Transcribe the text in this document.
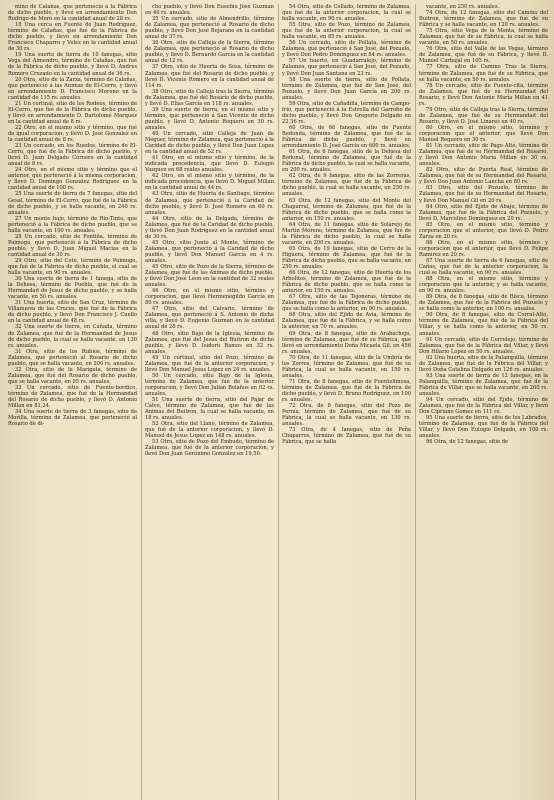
mino de Calañas, que perteneció á la Fábrica de dicho pueblo, y llevó en arrendamiento Don Rodrigo de Moro en la cantidad anual de 28 rs.

18 Una cerca en Fuente de Juan Rodriguez, término de Calañas, que fué de la Fábrica de dicho pueblo, y llevó en arrendamiento Don Francisco Chaparro y Velez en la cantidad anual de 30 rs.

19 Una suerte de tierra de 10 fanegas, sitio Vega del Almendro, término de Calañas, que fué de la Fábrica de dicho pueblo, y llevó D. Andres Romero Cruzado en la cantidad anual de 36 rs.

20 Otra, sitio de la Zarza, término de Calañas, que perteneció á las Animas de El-Cerro, y llevó en arrendamiento D. Francisco Moreno en la cantidad de 115 rs. anuales.

21 Un cortinal, sitio de los Rodeos, término de El-Cerro, que fué de la Fábrica de dicho pueblo, y llevó en arrendamiento D. Bartolomé Marquez en la cantidad anual de 8 rs.

22 Otro, en el mismo sitio y término, que fué de igual corporacion, y llevó D. José Gonzalez en la cantidad anual de 8 rs.

23 Un cercado, en los Ruedos, término de El-Cerro, que fué de la Fábrica de dicho pueblo, y llevó D. Juan Delgado Cornero en la cantidad anual de 8 rs.

24 Otro, en el mismo sitio y término que el anterior, que perteneció á la misma corporacion, y llevó D. Domingo Gonzalez Rodriguez en la cantidad anual de 100 rs.

25 Una suerte de tierra de 7 fanegas, sitio del Gesal, término de El-Cerro, que fué de la Fábrica de dicho pueblo, y se halla vacante, en 240 rs. anuales.

27 Un monte bajo, término de Rio-Tinto, que perteneció á la Fábrica de dicho pueblo, que se halla vacante, en 100 rs. anuales.

28 Un cercado, sitio de Fontiña, término de Paimogo, que perteneció á la Fábrica de dicho pueblo, y llevó D. Juan Miguel Macias en la cantidad anual de 30 rs.

29 Otro, sitio del Coto, término de Paimogo, que fué de la Fábrica de dicho pueblo, el cual se halla vacante, en 90 rs. anuales.

30 Una suerte de tierra de 1 fanega, sitio de la Dehesa, término de Puebla, que fué de la Hermandad de Jesus de dicho pueblo, y se halla vacante, en 50 rs. anuales.

31 Una huerta, sitio de San Cruz, término de Villanueva de las Cruces, que fué de la Fábrica de dicho pueblo, y llevó Don Francisco J. Cuello en la cantidad anual de 48 rs.

32 Una suerte de tierra, en Cañada, término de Zalamea, que fué de la Hermandad de Jesus de dicho pueblo, la cual se halla vacante, en 130 rs. anuales.

31 Otra, sitio de los Rubios, término de Zalamea, que perteneció al Rosario de dicho pueblo, que se halla vacante, en 200 rs. anuales.

32 Otra, sitio de la Marigata, término de Zalamea, que fué del Rosario de dicho pueblo, que se halla vacante, en 95 rs. anuales.

33 Un cercado, sitio de Fuente-bordico, término de Zalamea, que fué de la Hermandad del Rosario de dicho pueblo, y llevó D. Antonio Millan en 81,24.

34 Una suerte de tierra de 3 fanegas, sitio de Morilla, término de Zalamea, que perteneció al Rosario de di-

cho pueblo, y llevó Don Eusebio José Guzman en 40 rs. anuales.

35 Un cercado, sitio de Almendrillo, término de Zalamea, que perteneció al Rosario de dicho pueblo, y llevó Don José Bejarano en la cantidad anual de 37 rs.

36 Otro, sitio de Calleja de la Sierra, término de Zalamea, que perteneció al Rosario de dicho pueblo, y llevó D. Bernardo García en la cantidad anual de 12 rs.

37 Otro, sitio de Huerta de Sosa, término de Zalamea, que fué del Rosario de dicho pueblo, y llevó D. Vicente Romero en la cantidad anual de 114 rs.

38 Otro, sitio de Calleja tras la Sierra, término de Zalamea, que fué del Rosario de dicho pueblo, y llevó D. Elias García en 118 rs. anuales.

39 Una suerte de tierra, en el mismo sitio y término, que perteneció á San Vicente de dicho pueblo, y llevó D. Antonio Requero en 30 rs. anuales.

40 Un cercado, sitio Calleja de Juan de Meguer, término de Zalamea, que perteneció á la Caridad de dicho pueblo, y llevó Don Juan Lopez en la cantidad anual de 52 rs.

41 Otro, en el mismo sitio y término, de la indicada procedencia, que llevó D. Eulogio Vazquez en 68 reales anuales.

42 Otro, en el mismo sitio y término, de la indicada procedencia, que llevó D. Miguel Millan en la cantidad anual de 44 rs.

43 Otro, sitio de Huerta de Santiago, término de Zalamea, que perteneció á la Caridad de dicho pueblo, y llevó D. José Romero en 60 rs. anuales.

44 Otro, sitio de la Delgada, término de Zalamea, que fué de la Caridad de dicho pueblo, y llevó Don Juan Rodriguez en la cantidad anual de 30 rs.

45 Otro, sitio Junto al Monte, término de Zalamea, que perteneció á la Caridad de dicho pueblo, y llevó Don Manuel García en 4 rs. anuales.

45 Otro, sitio de Pozo de la Sierra, término de Zalamea, que fué de las Animas de dicho pueblo, y llevó Don José Leon en la cantidad de 32 reales anuales.

46 Otro, en el mismo sitio, término y corporacion, que llevó Hermenegildo García en 80 rs. anuales.

47 Otro, sitio del Calvario, término de Zalamea, que perteneció á S. Antonio de dicha villa, y llevó D. Eugenio Guzman en la cantidad anual de 28 rs.

48 Otro, sitio Bajo de la Iglesia, término de Zalamea, que fué del Jesus del Buitron de dicho pueblo, y llevó D. Isidoro Ramos en 32 rs. anuales.

49 Un cortinal, sitio del Pozo, término de Zalamea, que fué de la anterior corporacion, y llevó Don Manuel Jesus Lopez en 24 rs. anuales.

50 Un cercado, sitio Bajo de la Iglesia, término de Zalamea, que fué de la anterior corporacion, y llevó Don Julian Bolaños en 62 rs. anuales.

51 Una suerte de tierra, sitio del Pajar de Calvo, término de Zalamea, que fué de las Animas del Buitron, la cual se halla vacante, en 18 rs. anuales.

52 Otra, sitio del Llano, término de Zalamea, que fué de la anterior corporacion, y llevó D. Manuel de Jesus Lopez en 148 rs. anuales.

53 Otro, sitio de Pozo del Embudo, término de Zalamea, que fué de la anterior corporacion, y llevó Don Juan Gerónimo Gonzalez en 19,50.

54 Otra, sitio de Collado, término de Zalamea, que fué de la anterior corporacion, la cual se halla vacante, en 90 rs. anuales.

55 Otra, sitio de Pozo, término de Zalamea, que fué de la anterior corporacion, la cual se halla vacante, en 85 rs. anuales.

56 Un cercado, sitio de Pollata, término de Zalamea, que perteneció á San José, del Pozuelo, y llevó Don Pedro Dominguez en 84 rs. anuales.

57 Un huerto, en Guadarralejo, término de Zalamea, que perteneció á San José, del Pozuelo, y llevó Don Juan Santana en 23 rs.

58 Una suerte de tierra, sitio de Pollata, término de Zalamea, que fué de San José, del Pozuelo, y llevó Don Juan García en 200 rs. anuales.

59 Otra, sitio de Cañadilla, término de Campo-frio, que perteneció á la Estrella del Garrobo de dicho pueblo, y llevó Don Gregorio Delgado en 22,36 rs.

60 Otra, de 60 fanegas, sitio de Fuente Redonda, término de Zalamea, que fué de la Fábrica de dicho pueblo, y llevó en arrendamiento D. José García en 600 rs. anuales.

61 Otra, de 6 fanegas, sitio de la Dehesa del Bodonal, término de Zalamea, que fué de la Fábrica de dicho pueblo, la cual se halla vacante, en 200 rs. anuales.

62 Otra, de 9 fanegas, sitio de las Zorreras, término de Zalamea, que fué de la Fábrica de dicho pueblo, la cual se halla vacante, en 250 rs. anuales.

63 Otra, de 12 fanegas, sitio del Monte del Chaparral, término de Zalamea, que fué de la Fábrica de dicho pueblo, que se halla como la anterior, en 150 rs. anuales.

64 Otra, de 11 fanegas, sitio de Solarejo de Martin Moreno, término de Zalamea, que fué de la Fábrica de dicho pueblo, la cual se halla vacante, en 200 rs. anuales.

65 Otra, de 19 fanegas, sitio de Cerro de la Higuera, término de Zalamea, que fué de la Fábrica de dicho pueblo, que se halla vacante, en 250 rs. anuales.

66 Otra, de 12 fanegas, sitio de Huerta de los Arbolitos, término de Zalamea, que fué de la Fábrica de dicho pueblo, que se halla como la anterior, en 150 rs. anuales.

67 Otra, sitio de las Tejoneras, término de Zalamea, que fué de la Fábrica de dicho pueblo, que se halla como la anterior, en 90 rs. anuales.

68 Otra, sitio del Ejido de Avia, término de Zalamea, que fué de la Fábrica, y se halla como la anterior, en 70 rs. anuales.

69 Otra, de 8 fanegas, sitio de Arabachejo, término de Zalamea, que fué de su Fábrica, que llevó en arrendamiento Doña Micaela Gil, en 456 rs. anuales.

70 Otra, de 11 fanegas, sitio de la Umbría de los Zorros, término de Zalamea, que fué de su Fábrica, la cual se halla vacante, en 150 rs. anuales.

71 Otra, de 8 fanegas, sitio de Fuentelimosa, término de Zalamea, que fué de la Fábrica de dicho pueblo, y llevó D. Bruno Rodriguez, en 100 rs. anuales.

72 Otra, de 8 fanegas, sitio del Pozo de Pernía, término de Zalamea, que fué de su Fábrica, la cual se halla vacante, en 130 rs. anuales.

73 Otra, de 4 fanegas, sitio de Peña Chaparros, término de Zalamea, que fué de su Fábrica, que se halla

vacante, en 250 rs. anuales.

74 Otra, de 12 fanegas, sitio del Camino del Buitron, término de Zalamea, que fué de su Fábrica y se halla vacante, en 120 rs. anuales.

75 Otra, sitio Vega de la Monta, término de Zalamea, que fué de su Fábrica, la cual se halla vacante, en 50 rs. anuales.

76 Otra, sitio del Valle de las Vegas, término de Zalamea, que fué de su Fábrica, y llevó D. Manuel Carbajal en 105 rs.

77 Otra, sitio de Camino Tras la Sierra, término de Zalamea, que fué de su Fábrica, que se halla vacante, en 50 rs. anuales.

78 Un cercado, sitio de Fuente-cita, término de Zalamea, que fué de su Hermandad del Rosario, y llevó Don Antonio María Millan en 41 rs.

79 Otro, sitio de Calleja tras la Sierra, término de Zalamea, que fué de su Hermandad del Rosario, y llevó D. José Linares en 40 rs.

80 Otro, en el mismo sitio, término y corporacion que el anterior, que llevó Don Manuel Requero en 30 rs.

81 Un cercado, sitio de Pago Alto, término de Zalamea, que fué de su Hermandad del Rosario, y llevó Don Antonio María Millan en 30 rs. anuales.

82 Otro, sitio de Puerta Real, término de Zalamea, que fué de su Hermandad del Rosario, y llevó Don Juan Antonio Lancha en 80 rs.

83 Otro, sitio del Pozuelo, término de Zalamea, que fué de su Hermandad del Rosario, y llevó Don Manuel Gil en 20 rs.

84 Otro, sitio del Ejido de Abajo, término de Zalamea, que fué de la Fábrica del Pozuelo, y llevó D. Marcelino Dominguez en 20 rs.

85 Otro, en el mismo sitio, término y corporacion que el anterior, que llevó D. Pedro Zarza en 20 rs.

86 Otro, en el mismo sitio, término y corporacion que el anterior, que llevó D. Felipe Ramirez en 20 rs.

87 Una suerte de tierra de 6 fanegas, sitio de Cañas, que fué de la anterior corporacion, la cual se halla vacante, en 90 rs. anuales.

88 Otra, en el mismo sitio, término y corporacion que la anterior, y se halla vacante, en 90 rs. anuales.

89 Otra, de 8 fanegas, sitio de Risca, término de Zalamea, que fué de la Fábrica del Pozuelo y se halla como la anterior, en 100 rs. anuales.

90 Otra, de 8 fanegas, sitio de Corral-Alto, término de Zalamea, que fué de la Fábrica del Villar, y se halla como la anterior, en 50 rs. anuales.

91 Un cercado, sitio de Cerrulejo, término de Zalamea, que fué de la Fábrica del Villar, y llevó Don Hilario Lopez en 50 rs. anuales.

92 Una huerta, sitio de la Palanquilla, término de Zalamea, que fué de la Fábrica del Villar, y llevó Doña Catalina Delgado en 126 rs. anuales.

93 Una suerte de tierra de 12 fanegas, en la Palanquilla, término de Zalamea, que fué de la Fábrica de Villar, que se halla vacante, en 200 rs. anuales.

94 Un cercado, sitio del Ejido, término de Zalamea, que fué de la Fábrica del Villar, y llevó Don Cipriano Gomez en 111 rs.

95 Una suerte de tierra, sitio de los Labrados, término de Zalamea, que fué de la Fábrica del Villar, y llevó Don Eulogio Delgado, en 100 rs. anuales.

96 Otra, de 12 fanegas, sitio de
